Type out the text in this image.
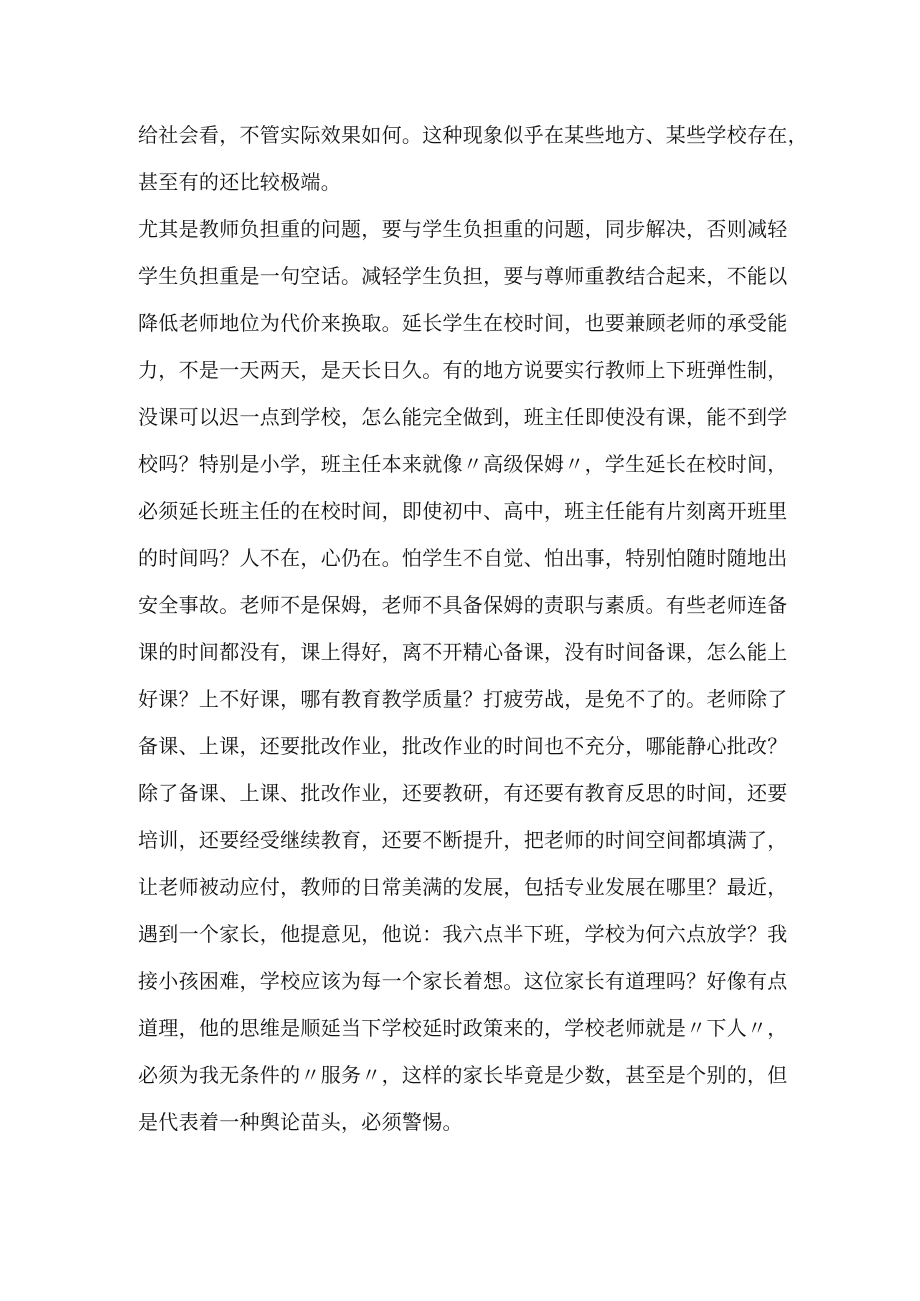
给社会看，不管实际效果如何。这种现象似乎在某些地方、某些学校存在，
甚至有的还比较极端。
尤其是教师负担重的问题，要与学生负担重的问题，同步解决，否则减轻
学生负担重是一句空话。减轻学生负担，要与尊师重教结合起来，不能以
降低老师地位为代价来换取。延长学生在校时间，也要兼顾老师的承受能
力，不是一天两天，是天长日久。有的地方说要实行教师上下班弹性制，
没课可以迟一点到学校，怎么能完全做到，班主任即使没有课，能不到学
校吗？特别是小学，班主任本来就像〃高级保姆〃，学生延长在校时间，
必须延长班主任的在校时间，即使初中、高中，班主任能有片刻离开班里
的时间吗？人不在，心仍在。怕学生不自觉、怕出事，特别怕随时随地出
安全事故。老师不是保姆，老师不具备保姆的责职与素质。有些老师连备
课的时间都没有，课上得好，离不开精心备课，没有时间备课，怎么能上
好课？上不好课，哪有教育教学质量？打疲劳战，是免不了的。老师除了
备课、上课，还要批改作业，批改作业的时间也不充分，哪能静心批改？
除了备课、上课、批改作业，还要教研，有还要有教育反思的时间，还要
培训，还要经受继续教育，还要不断提升，把老师的时间空间都填满了，
让老师被动应付，教师的日常美满的发展，包括专业发展在哪里？最近，
遇到一个家长，他提意见，他说：我六点半下班，学校为何六点放学？我
接小孩困难，学校应该为每一个家长着想。这位家长有道理吗？好像有点
道理，他的思维是顺延当下学校延时政策来的，学校老师就是〃下人〃，
必须为我无条件的〃服务〃，这样的家长毕竟是少数，甚至是个别的，但
是代表着一种舆论苗头，必须警惕。
